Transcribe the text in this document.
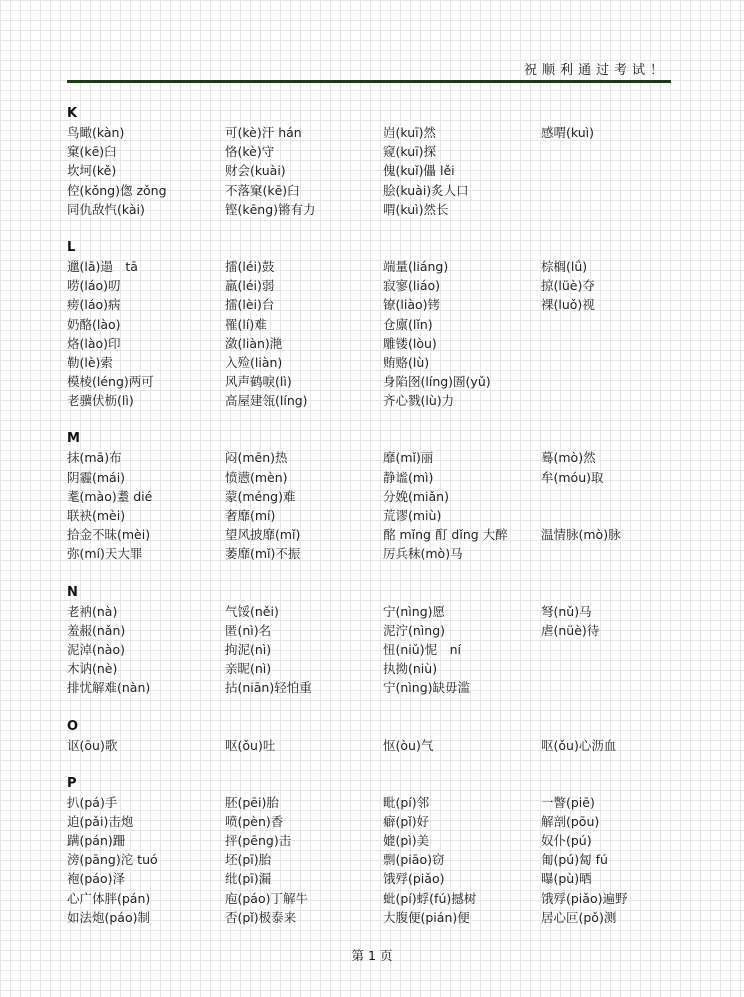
祝顺利通过考试！
K
鸟瞰(kàn)	可(kè)汗 hán	岿(kuī)然	感喟(kuì)
窠(kē)臼	恪(kè)守	窥(kuī)探
坎坷(kě)	财会(kuài)	傀(kuǐ)儡 lěi
倥(kǒng)偬 zǒng	不落窠(kē)臼	脍(kuài)炙人口
同仇敌忾(kài)	铿(kēng)锵有力	喟(kuì)然长
L
邋(lā)遢　tā	擂(léi)鼓	端量(liáng)	棕榈(lǘ)
唠(láo)叨	羸(léi)弱	寂寥(liáo)	掠(lüè)夺
痨(láo)病	擂(lèi)台	镣(liào)铐	裸(luǒ)视
奶酪(lào)	罹(lí)难	仓廪(lǐn)
烙(lào)印	潋(liàn)滟	雕镂(lòu)
勒(lè)索	入殓(liàn)	贿赂(lù)
模棱(léng)两可	风声鹤唳(lì)	身陷囹(líng)圄(yǔ)
老骥伏枥(lì)	高屋建瓴(líng)	齐心戮(lù)力
M
抹(mā)布	闷(mēn)热	靡(mǐ)丽	蓦(mò)然
阴霾(mái)	愤懑(mèn)	静谧(mì)	牟(móu)取
耄(mào)耋 dié	蒙(méng)难	分娩(miǎn)
联袂(mèi)	奢靡(mí)	荒谬(miù)
拾金不昧(mèi)	望风披靡(mǐ)	酩 mǐng 酊 dǐng 大醉	温情脉(mò)脉
弥(mí)天大罪	萎靡(mǐ)不振	厉兵秣(mò)马
N
老衲(nà)	气馁(něi)	宁(nìng)愿	弩(nǔ)马
羞赧(nǎn)	匿(nì)名	泥泞(nìng)	虐(nüè)待
泥淖(nào)	拘泥(nì)	忸(niǔ)怩　ní
木讷(nè)	亲昵(nì)	执拗(niù)
排忧解难(nàn)	拈(niān)轻怕重	宁(nìng)缺毋滥
O
讴(ōu)歌	呕(ǒu)吐	怄(òu)气	呕(ǒu)心沥血
P
扒(pá)手	胚(pēi)胎	毗(pí)邻	一瞥(piē)
迫(pǎi)击炮	喷(pèn)香	癖(pǐ)好	解剖(pōu)
蹒(pán)跚	抨(pēng)击	媲(pì)美	奴仆(pú)
滂(pāng)沱 tuó	坯(pī)胎	剽(piāo)窃	匍(pú)匐 fú
袍(páo)泽	纰(pī)漏	饿殍(piǎo)	曝(pù)晒
心广体胖(pán)	庖(páo)丁解牛	蚍(pí)蜉(fú)撼树	饿殍(piǎo)遍野
如法炮(páo)制	否(pǐ)极泰来	大腹便(pián)便	居心叵(pǒ)测
第 1 页
